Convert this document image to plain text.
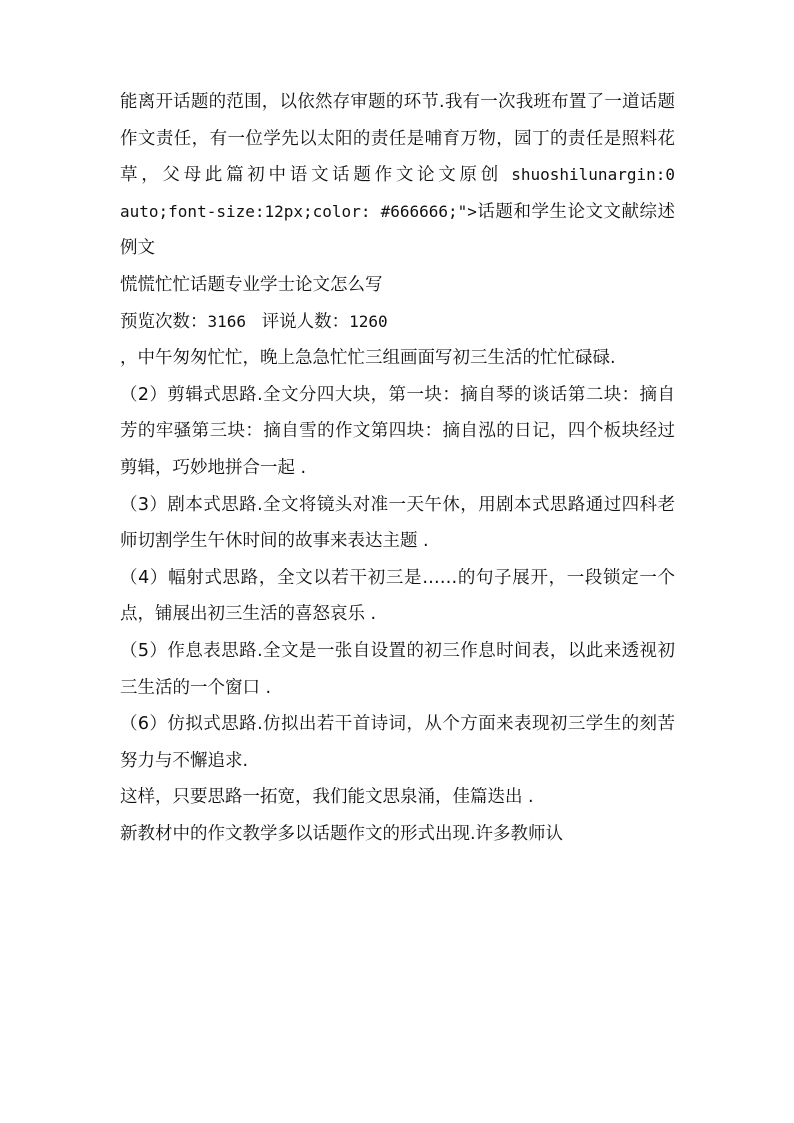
能离开话题的范围，以依然存审题的环节.我有一次我班布置了一道话题作文责任，有一位学先以太阳的责任是哺育万物，园丁的责任是照料花草，父母此篇初中语文话题作文论文原创 shuoshilunargin:0 auto;font-size:12px;color: #666666;">话题和学生论文文献综述例文

慌慌忙忙话题专业学士论文怎么写

预览次数：3166 评说人数：1260

，中午匆匆忙忙，晚上急急忙忙三组画面写初三生活的忙忙碌碌.

（2）剪辑式思路.全文分四大块，第一块：摘自琴的谈话第二块：摘自芳的牢骚第三块：摘自雪的作文第四块：摘自泓的日记，四个板块经过剪辑，巧妙地拼合一起 .

（3）剧本式思路.全文将镜头对准一天午休，用剧本式思路通过四科老师切割学生午休时间的故事来表达主题 .

（4）幅射式思路，全文以若干初三是……的句子展开，一段锁定一个点，铺展出初三生活的喜怒哀乐 .

（5）作息表思路.全文是一张自设置的初三作息时间表，以此来透视初三生活的一个窗口 .

（6）仿拟式思路.仿拟出若干首诗词，从个方面来表现初三学生的刻苦努力与不懈追求.

这样，只要思路一拓宽，我们能文思泉涌，佳篇迭出 .

新教材中的作文教学多以话题作文的形式出现.许多教师认
